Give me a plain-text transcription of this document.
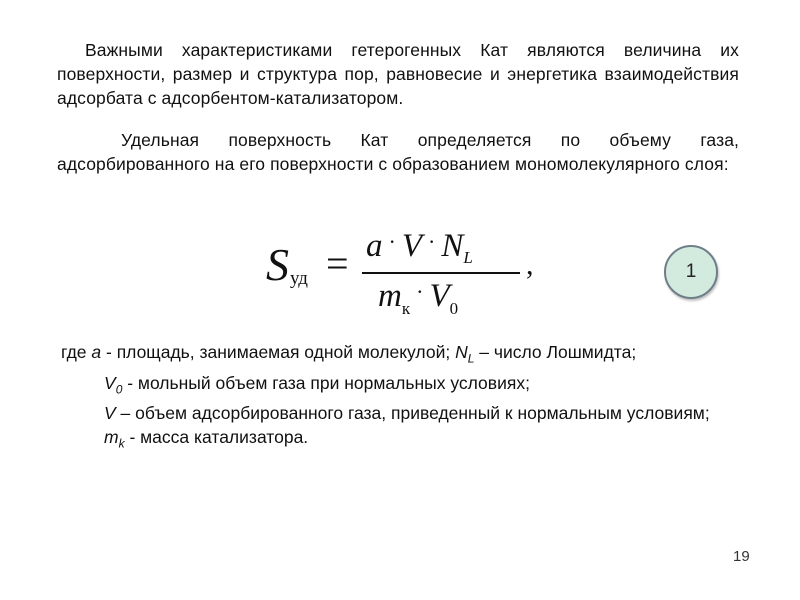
Важными характеристиками гетерогенных Кат являются величина их поверхности, размер и структура пор, равновесие и энергетика взаимодействия адсорбата с адсорбентом-катализатором.
Удельная поверхность Кат определяется по объему газа, адсорбированного на его поверхности с образованием мономолекулярного слоя:
S уд = a · V · $N_L$
$m_к^\cdot$ $V_0$
,	1
где a - площадь, занимаемая одной молекулой; $N_L$ – число Лошмидта;
$V_0$ - мольный объем газа при нормальных условиях;
V – объем адсорбированного газа, приведенный к нормальным условиям;
$m_k$ - масса катализатора.
19
